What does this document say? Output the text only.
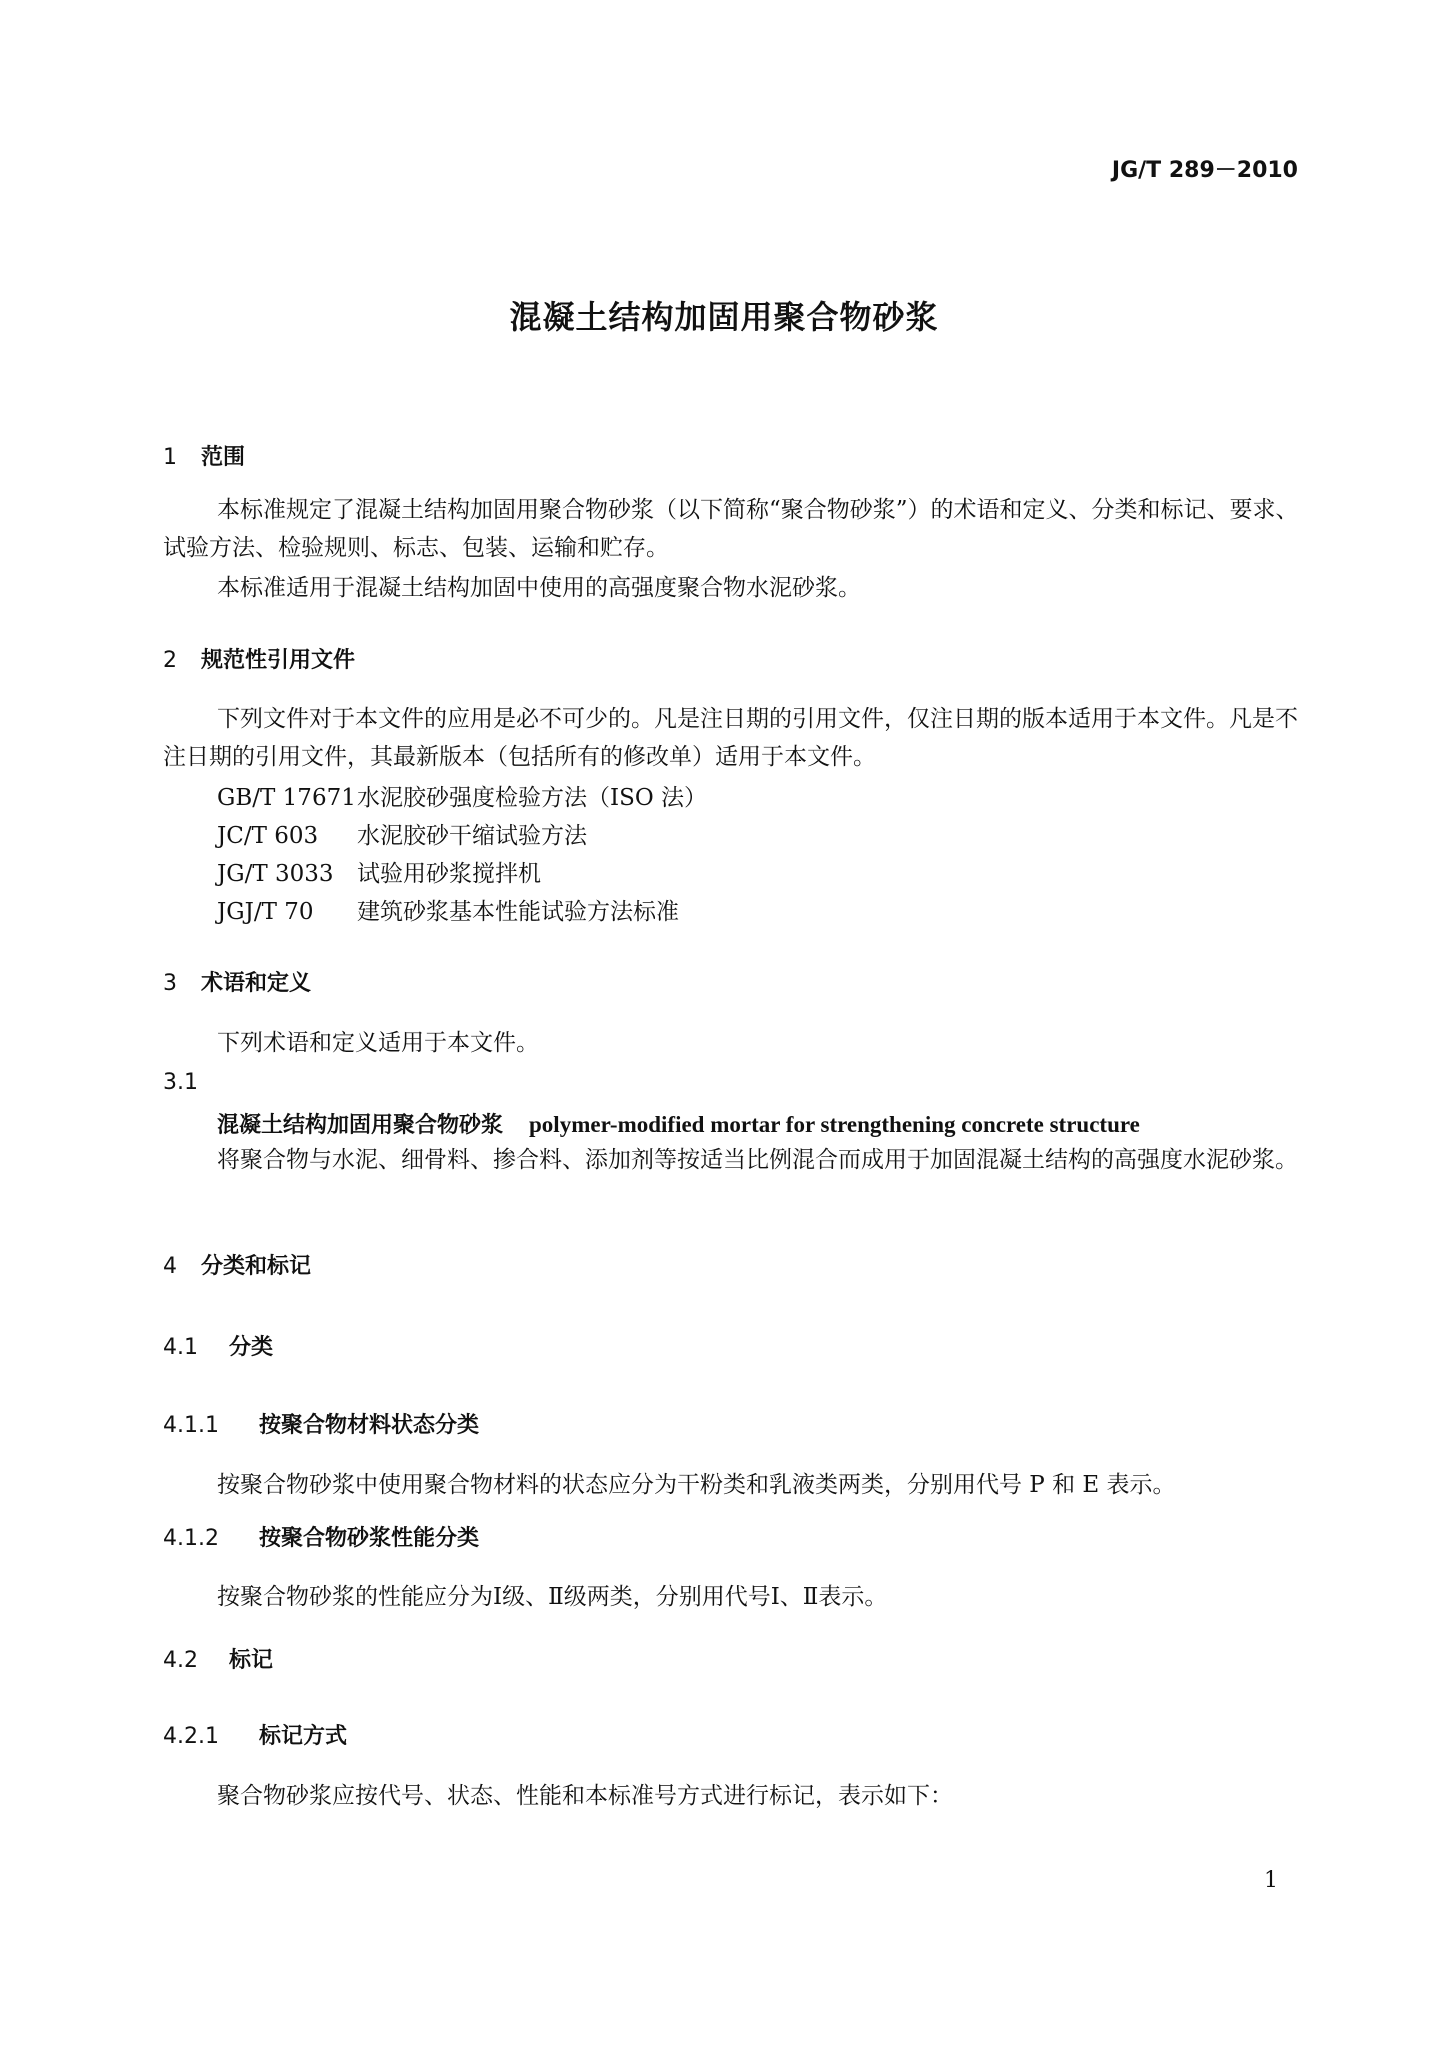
JG/T 289－2010
混凝土结构加固用聚合物砂浆
1 范围
本标准规定了混凝土结构加固用聚合物砂浆（以下简称“聚合物砂浆”）的术语和定义、分类和标记、要求、试验方法、检验规则、标志、包装、运输和贮存。
本标准适用于混凝土结构加固中使用的高强度聚合物水泥砂浆。
2 规范性引用文件
下列文件对于本文件的应用是必不可少的。凡是注日期的引用文件，仅注日期的版本适用于本文件。凡是不注日期的引用文件，其最新版本（包括所有的修改单）适用于本文件。
GB/T 17671水泥胶砂强度检验方法（ISO 法）
JC/T 603 水泥胶砂干缩试验方法
JG/T 3033 试验用砂浆搅拌机
JGJ/T 70 建筑砂浆基本性能试验方法标准
3 术语和定义
下列术语和定义适用于本文件。
3.1
混凝土结构加固用聚合物砂浆 polymer-modified mortar for strengthening concrete structure
将聚合物与水泥、细骨料、掺合料、添加剂等按适当比例混合而成用于加固混凝土结构的高强度水泥砂浆。
4 分类和标记
4.1 分类
4.1.1 按聚合物材料状态分类
按聚合物砂浆中使用聚合物材料的状态应分为干粉类和乳液类两类，分别用代号 P 和 E 表示。
4.1.2 按聚合物砂浆性能分类
按聚合物砂浆的性能应分为Ⅰ级、Ⅱ级两类，分别用代号Ⅰ、Ⅱ表示。
4.2 标记
4.2.1 标记方式
聚合物砂浆应按代号、状态、性能和本标准号方式进行标记，表示如下：
1
